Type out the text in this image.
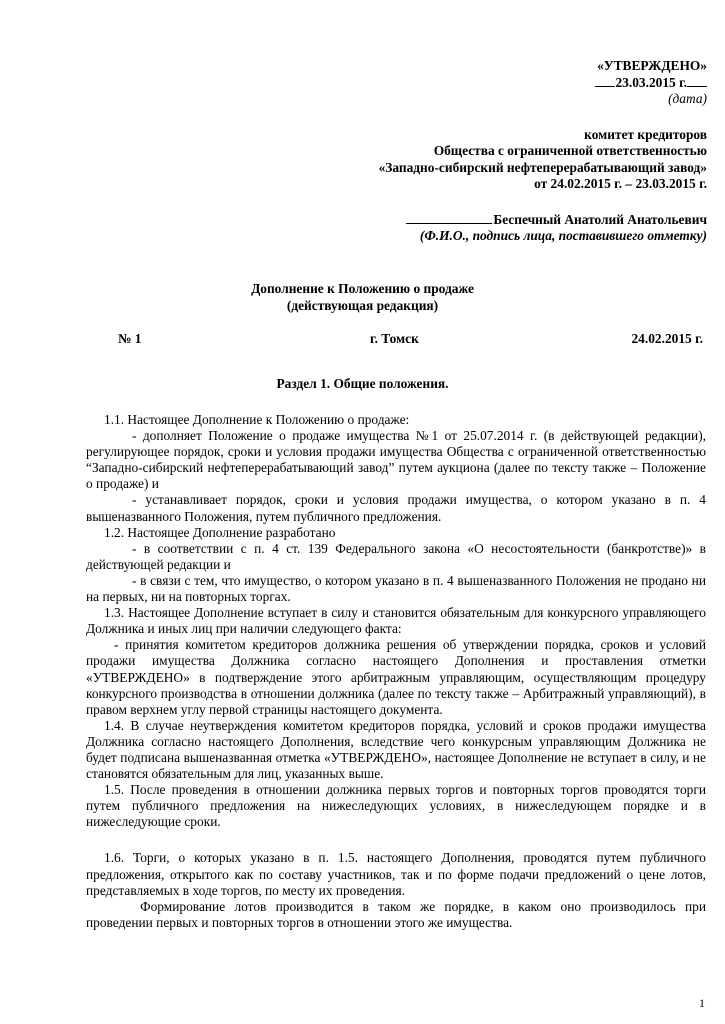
«УТВЕРЖДЕНО»
23.03.2015 г.
(дата)
комитет кредиторов
Общества с ограниченной ответственностью
«Западно-сибирский нефтеперерабатывающий завод»
от 24.02.2015 г. – 23.03.2015 г.
Беспечный Анатолий Анатольевич
(Ф.И.О., подпись лица, поставившего отметку)
Дополнение к Положению о продаже
(действующая редакция)
№ 1	г. Томск	24.02.2015 г.
Раздел 1. Общие положения.

1.1. Настоящее Дополнение к Положению о продаже:

- дополняет Положение о продаже имущества №1 от 25.07.2014 г. (в действующей редакции), регулирующее порядок, сроки и условия продажи имущества Общества с ограниченной ответственностью “Западно-сибирский нефтеперерабатывающий завод” путем аукциона (далее по тексту также – Положение о продаже) и

- устанавливает порядок, сроки и условия продажи имущества, о котором указано в п. 4 вышеназванного Положения, путем публичного предложения.

1.2. Настоящее Дополнение разработано

- в соответствии с п. 4 ст. 139 Федерального закона «О несостоятельности (банкротстве)» в действующей редакции и

- в связи с тем, что имущество, о котором указано в п. 4 вышеназванного Положения не продано ни на первых, ни на повторных торгах.

1.3. Настоящее Дополнение вступает в силу и становится обязательным для конкурсного управляющего Должника и иных лиц при наличии следующего факта:

- принятия комитетом кредиторов должника решения об утверждении порядка, сроков и условий продажи имущества Должника согласно настоящего Дополнения и проставления отметки «УТВЕРЖДЕНО» в подтверждение этого арбитражным управляющим, осуществляющим процедуру конкурсного производства в отношении должника (далее по тексту также – Арбитражный управляющий), в правом верхнем углу первой страницы настоящего документа.

1.4. В случае неутверждения комитетом кредиторов порядка, условий и сроков продажи имущества Должника согласно настоящего Дополнения, вследствие чего конкурсным управляющим Должника не будет подписана вышеназванная отметка «УТВЕРЖДЕНО», настоящее Дополнение не вступает в силу, и не становятся обязательным для лиц, указанных выше.

1.5. После проведения в отношении должника первых торгов и повторных торгов проводятся торги путем публичного предложения на нижеследующих условиях, в нижеследующем порядке и в нижеследующие сроки.

1.6. Торги, о которых указано в п. 1.5. настоящего Дополнения, проводятся путем публичного предложения, открытого как по составу участников, так и по форме подачи предложений о цене лотов, представляемых в ходе торгов, по месту их проведения.

Формирование лотов производится в таком же порядке, в каком оно производилось при проведении первых и повторных торгов в отношении этого же имущества.

1
